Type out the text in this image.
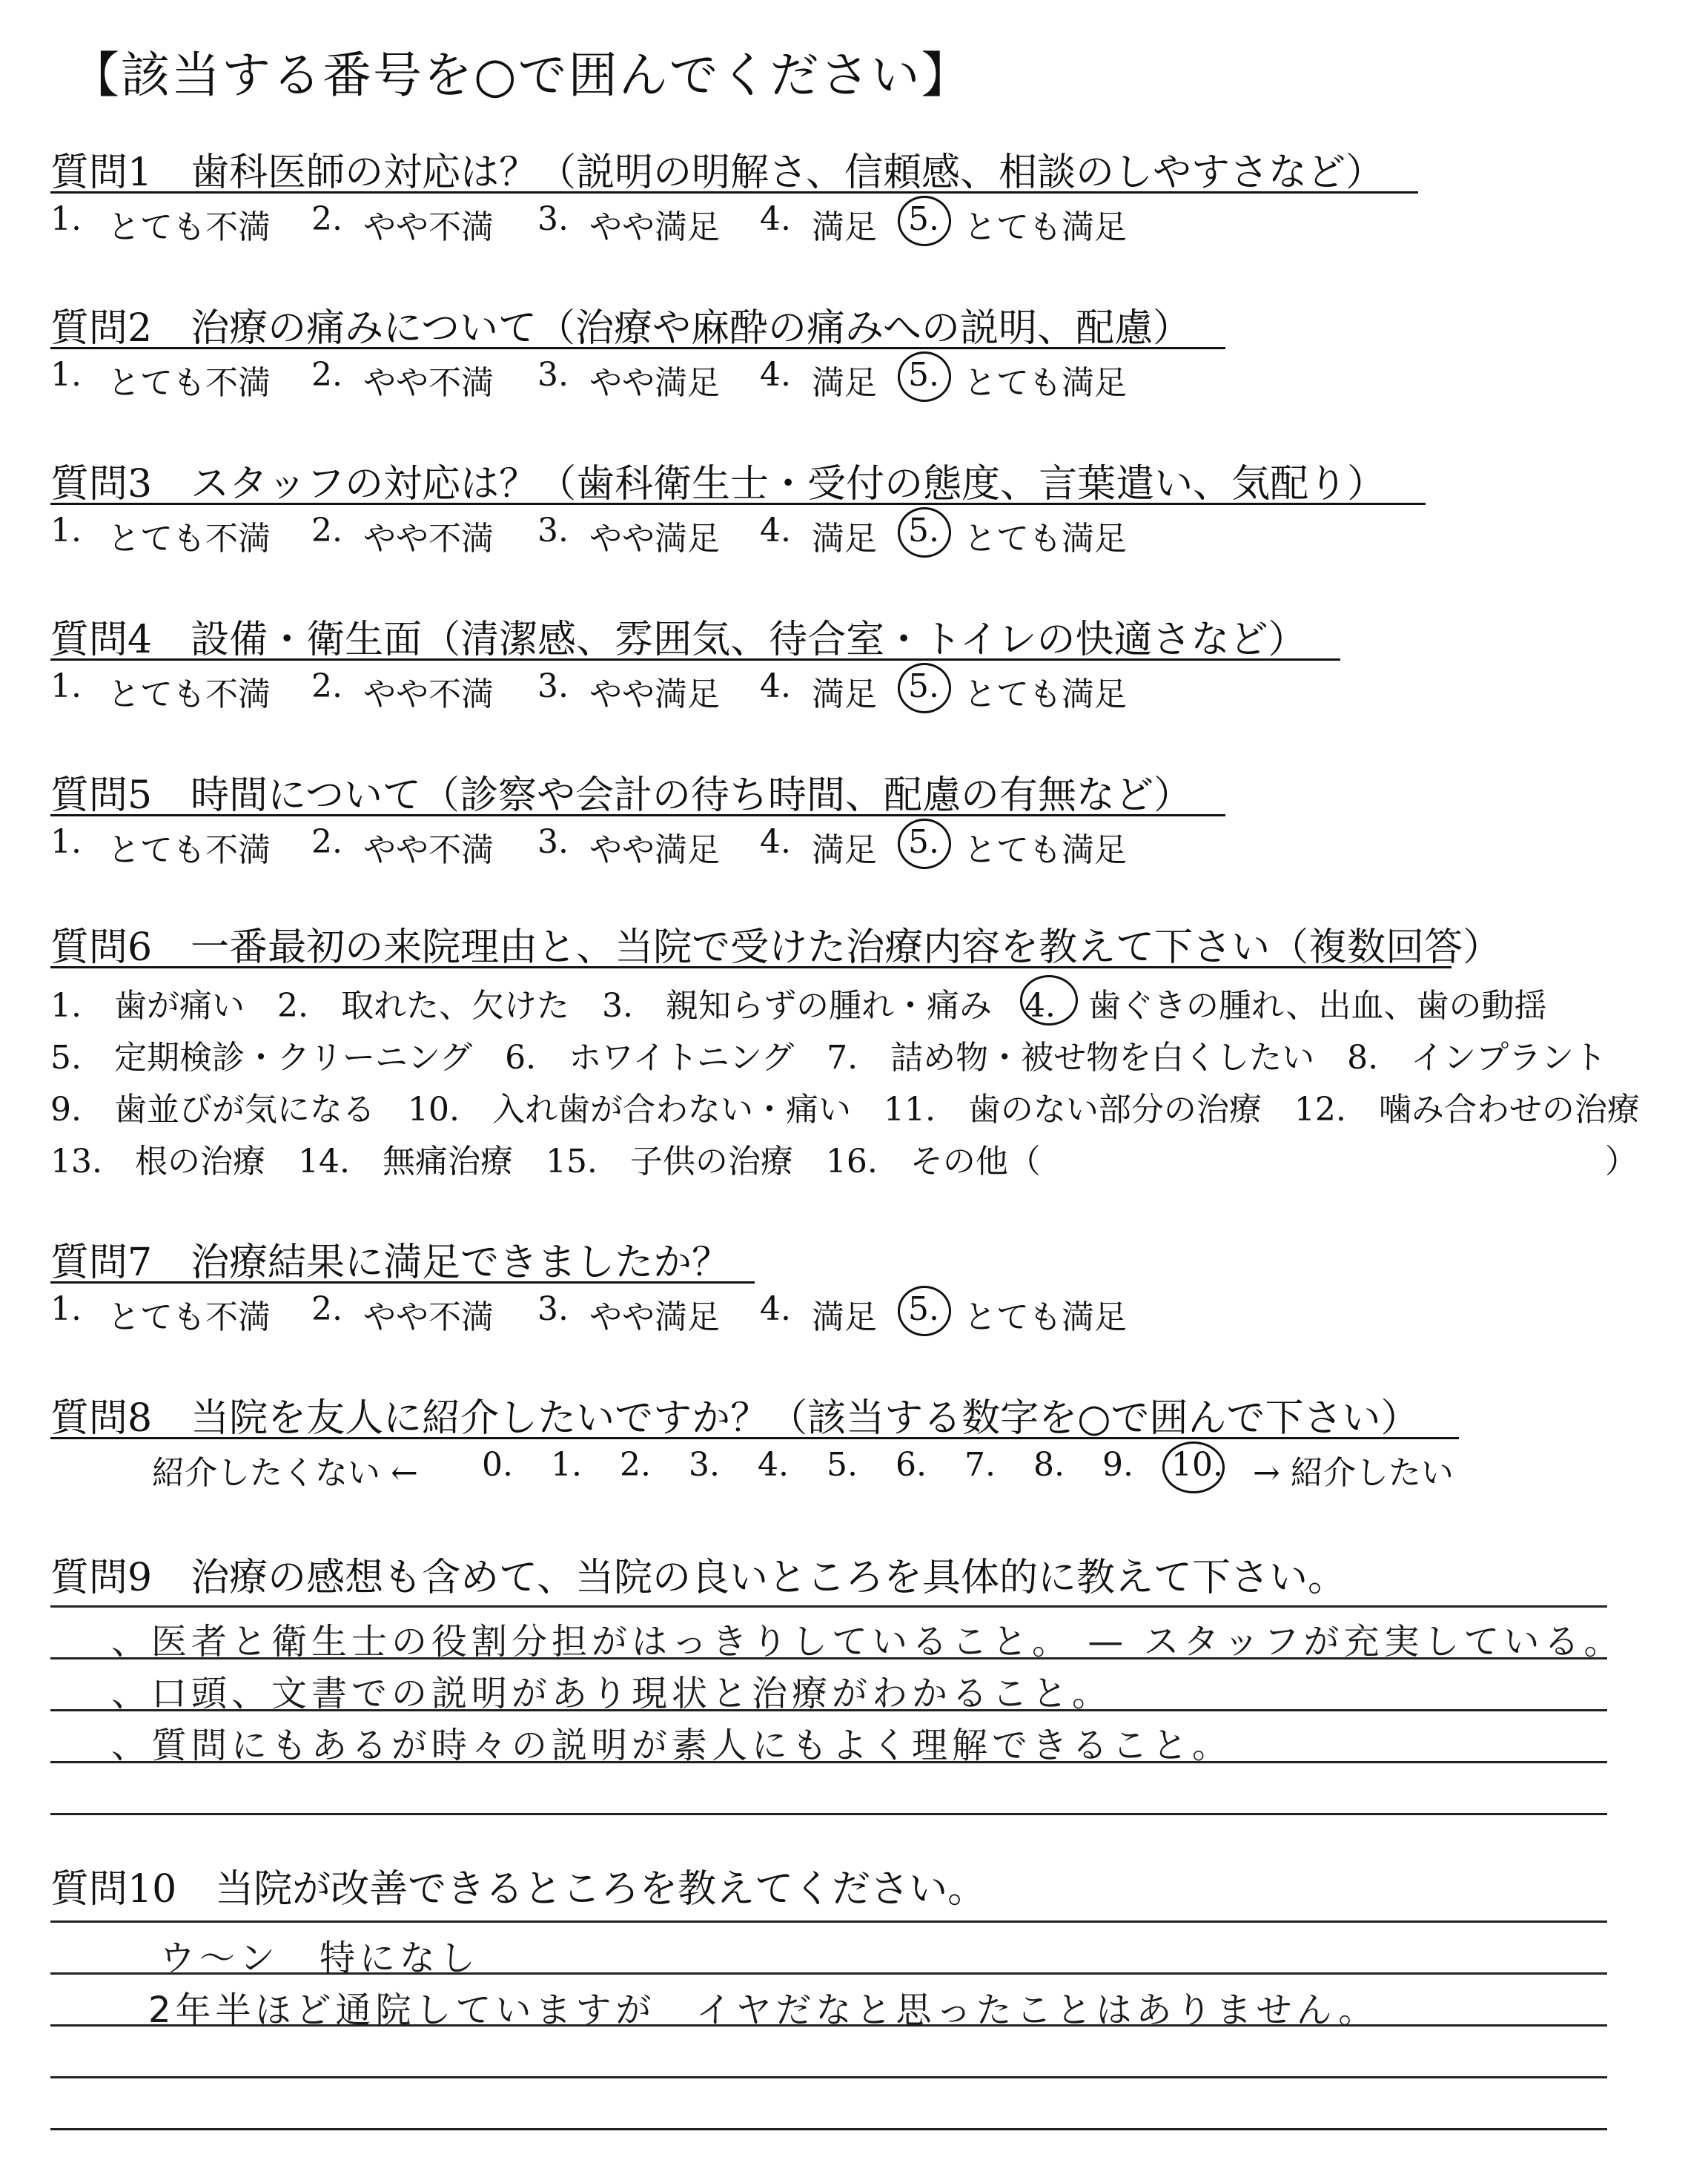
【該当する番号を○で囲んでください】
質問1　歯科医師の対応は？（説明の明解さ、信頼感、相談のしやすさなど）
1. とても不満 2. やや不満 3. やや満足 4. 満足 5. とても満足
質問2　治療の痛みについて（治療や麻酔の痛みへの説明、配慮）
1. とても不満 2. やや不満 3. やや満足 4. 満足 5. とても満足
質問3　スタッフの対応は？（歯科衛生士・受付の態度、言葉遣い、気配り）
1. とても不満 2. やや不満 3. やや満足 4. 満足 5. とても満足
質問4　設備・衛生面（清潔感、雰囲気、待合室・トイレの快適さなど）
1. とても不満 2. やや不満 3. やや満足 4. 満足 5. とても満足
質問5　時間について（診察や会計の待ち時間、配慮の有無など）
1. とても不満 2. やや不満 3. やや満足 4. 満足 5. とても満足
質問6　一番最初の来院理由と、当院で受けた治療内容を教えて下さい（複数回答）
1.　歯が痛い　2.　取れた、欠けた　3.　親知らずの腫れ・痛み　4.　歯ぐきの腫れ、出血、歯の動揺
5.　定期検診・クリーニング　6.　ホワイトニング　7.　詰め物・被せ物を白くしたい　8.　インプラント
9.　歯並びが気になる　10.　入れ歯が合わない・痛い　11.　歯のない部分の治療　12.　噛み合わせの治療
13.　根の治療　14.　無痛治療　15.　子供の治療　16.　その他（	）
質問7　治療結果に満足できましたか？
1. とても不満 2. やや不満 3. やや満足 4. 満足 5. とても満足
質問8　当院を友人に紹介したいですか？（該当する数字を○で囲んで下さい）
紹介したくない ← 0. 1. 2. 3. 4. 5. 6. 7. 8. 9. 10. → 紹介したい
質問9　治療の感想も含めて、当院の良いところを具体的に教えて下さい。
、医者と衛生士の役割分担がはっきりしていること。 — スタッフが充実している。
、口頭、文書での説明があり現状と治療がわかること。
、質問にもあるが時々の説明が素人にもよく理解できること。
質問10　当院が改善できるところを教えてください。
ウ〜ン　特になし
2年半ほど通院していますが　イヤだなと思ったことはありません。
